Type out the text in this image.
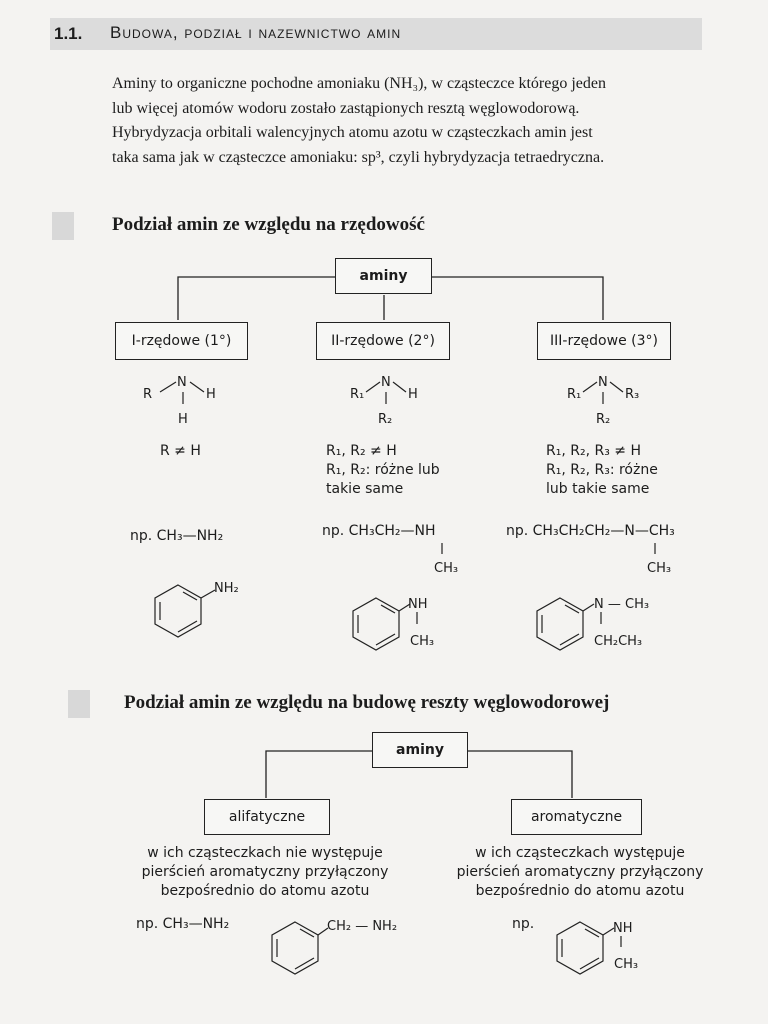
1.1. Budowa, podział i nazewnictwo amin

Aminy to organiczne pochodne amoniaku (NH₃), w cząsteczce którego jeden

lub więcej atomów wodoru zostało zastąpionych resztą węglowodorową.

Hybrydyzacja orbitali walencyjnych atomu azotu w cząsteczkach amin jest

taka sama jak w cząsteczce amoniaku: sp³, czyli hybrydyzacja tetraedryczna.

Podział amin ze względu na rzędowość
aminy
I-rzędowe (1°)	II-rzędowe (2°)	III-rzędowe (3°)
R
N
H
H
R₁
N
H
R₂
R₁
N
R₃
R₂
R ≠ H	R₁, R₂ ≠ H
R₁, R₂: różne lub
takie same
R₁, R₂, R₃ ≠ H
R₁, R₂, R₃: różne
lub takie same
np. CH₃—NH₂	np. CH₃CH₂—NH	np. CH₃CH₂CH₂—N—CH₃
CH₃	CH₃
NH₂
NH
CH₃
N — CH₃
CH₂CH₃
CH₂ — NH₂	NH
CH₃
Podział amin ze względu na budowę reszty węglowodorowej
aminy
alifatyczne	aromatyczne
w ich cząsteczkach nie występuje
pierścień aromatyczny przyłączony
bezpośrednio do atomu azotu
w ich cząsteczkach występuje
pierścień aromatyczny przyłączony
bezpośrednio do atomu azotu
np. CH₃—NH₂	np.
